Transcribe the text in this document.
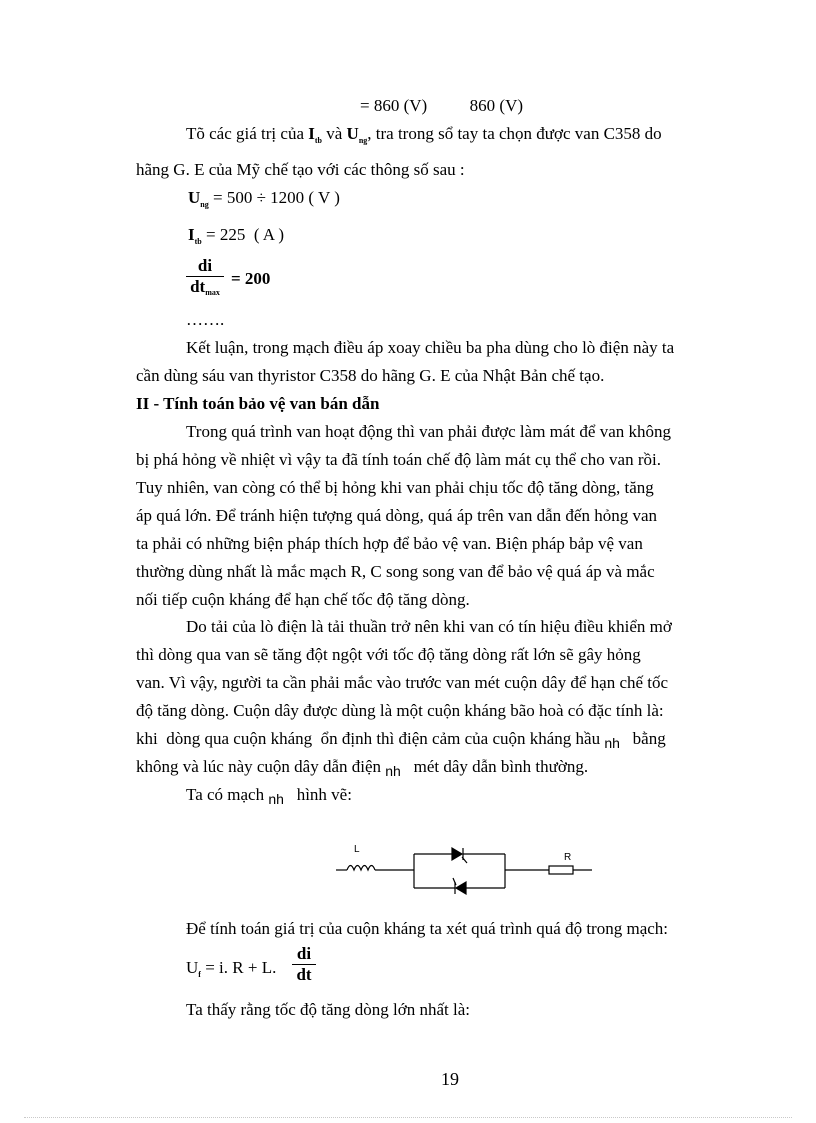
= 860 (V)          860 (V)
Tõ các giá trị của $I_{tb}$ và $U_{ng}$, tra trong sổ tay ta chọn được van C358 do
hãng G. E của Mỹ chế tạo với các thông số sau :
$U_{ng} = 500 \div 1200$ ( V )
$I_{tb} = 225$  ( A )
di
$dt_{max}$
= 200
…….
Kết luận, trong mạch điều áp xoay chiều ba pha dùng cho lò điện này ta
cần dùng sáu van thyristor C358 do hãng G. E của Nhật Bản chế tạo.
II - Tính toán bảo vệ van bán dẫn
Trong quá trình van hoạt động thì van phải được làm mát để van không
bị phá hỏng về nhiệt vì vậy ta đã tính toán chế độ làm mát cụ thể cho van rồi.
Tuy nhiên, van còng có thể bị hỏng khi van phải chịu tốc độ tăng dòng, tăng
áp quá lớn. Để tránh hiện tượng quá dòng, quá áp trên van dẫn đến hỏng van
ta phải có những biện pháp thích hợp để bảo vệ van. Biện pháp bảp vệ van
thường dùng nhất là mắc mạch R, C song song van để bảo vệ quá áp và mắc
nối tiếp cuộn kháng để hạn chế tốc độ tăng dòng.
Do tải của lò điện là tải thuần trở nên khi van có tín hiệu điều khiển mở
thì dòng qua van sẽ tăng đột ngột với tốc độ tăng dòng rất lớn sẽ gây hỏng
van. Vì vậy, người ta cần phải mắc vào trước van mét cuộn dây để hạn chế tốc
độ tăng dòng. Cuộn dây được dùng là một cuộn kháng bão hoà có đặc tính là:
khi  dòng qua cuộn kháng  ổn định thì điện cảm của cuộn kháng hầu $_{nh}$   bằng
không và lúc này cuộn dây dẫn điện $_{nh}$   mét dây dẫn bình thường.
Ta có mạch $_{nh}$   hình vẽ:
L
R
Để tính toán giá trị của cuộn kháng ta xét quá trình quá độ trong mạch:
$U_f = i$. R + L. $\frac{di}{dt}$
Ta thấy rằng tốc độ tăng dòng lớn nhất là:
19
